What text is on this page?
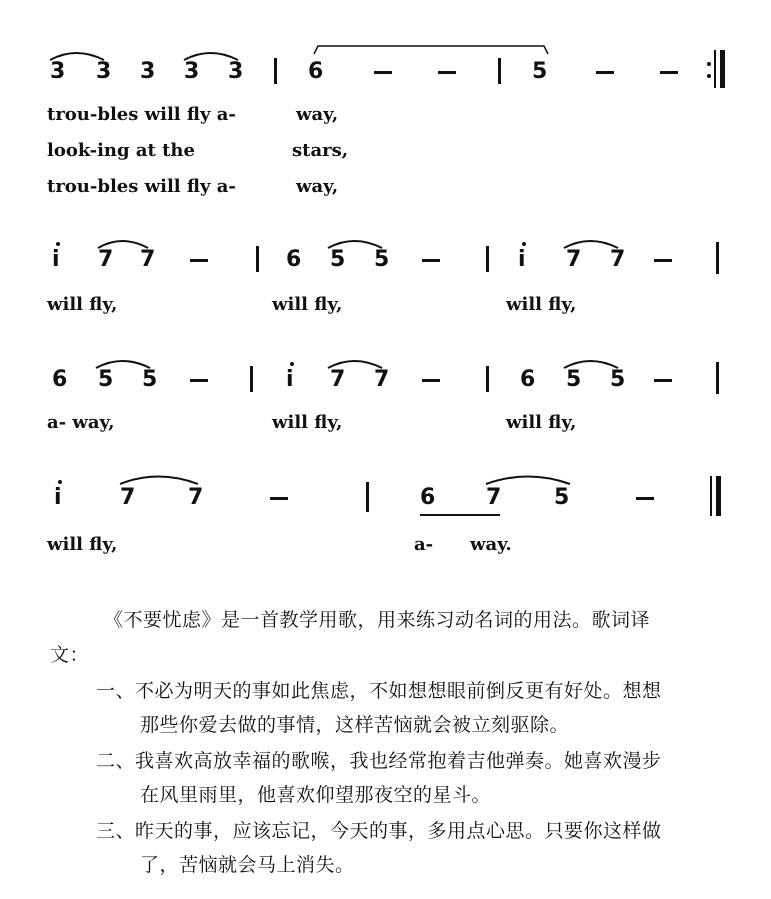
3 3 3 3 3	6	5
trou-bles will fly a-	way,
look-ing at the	stars,
trou-bles will fly a-	way,
i 7 7	6 5 5	i 7 7
will fly,	will fly,	will fly,
6 5 5	i 7 7	6 5 5
a- way,	will fly,	will fly,
i	7 7	6 7 5
will fly,	a- way.
《不要忧虑》是一首教学用歌，用来练习动名词的用法。歌词译
文：
一、不必为明天的事如此焦虑，不如想想眼前倒反更有好处。想想
那些你爱去做的事情，这样苦恼就会被立刻驱除。
二、我喜欢高放幸福的歌喉，我也经常抱着吉他弹奏。她喜欢漫步
在风里雨里，他喜欢仰望那夜空的星斗。
三、昨天的事，应该忘记，今天的事，多用点心思。只要你这样做
了，苦恼就会马上消失。
